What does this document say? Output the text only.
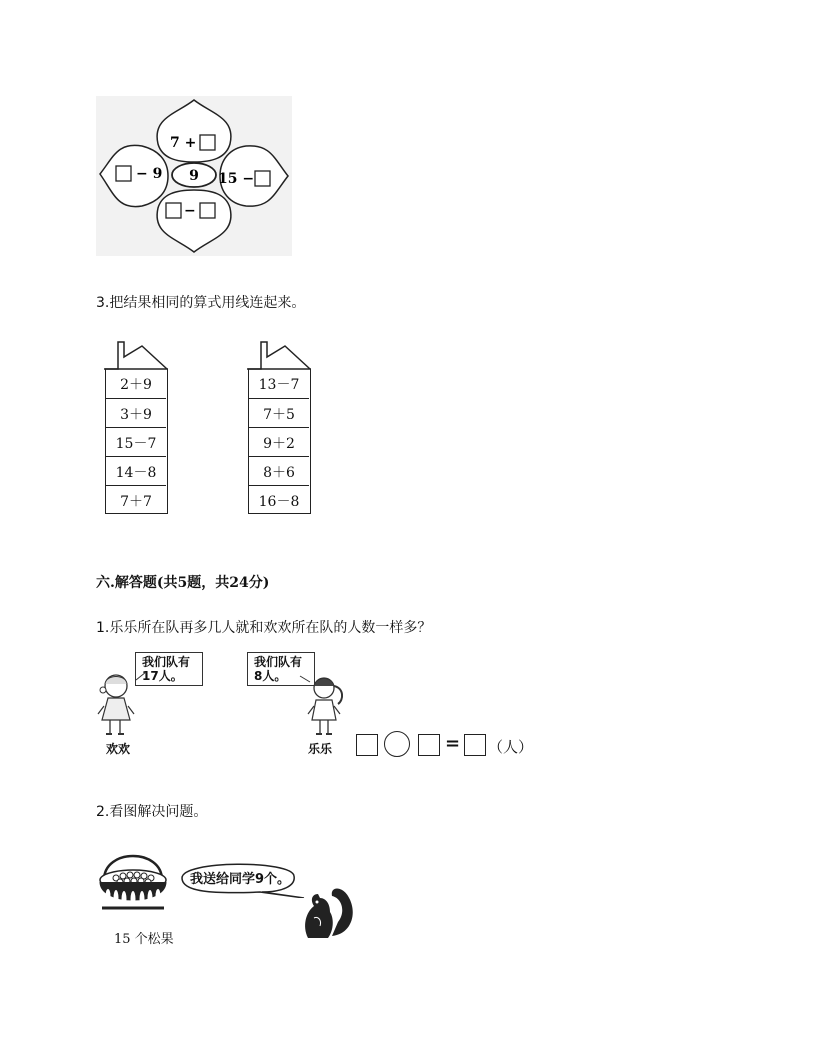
9
7 +
− 9	15 −
−
3.把结果相同的算式用线连起来。
2＋9
3＋9
15－7
14－8
7＋7
13－7
7＋5
9＋2
8＋6
16－8
六.解答题(共5题，共24分)
1.乐乐所在队再多几人就和欢欢所在队的人数一样多？
我们队有
17人。
欢欢
我们队有
8人。
乐乐	= （人）
2.看图解决问题。
15 个松果
我送给同学9个。
